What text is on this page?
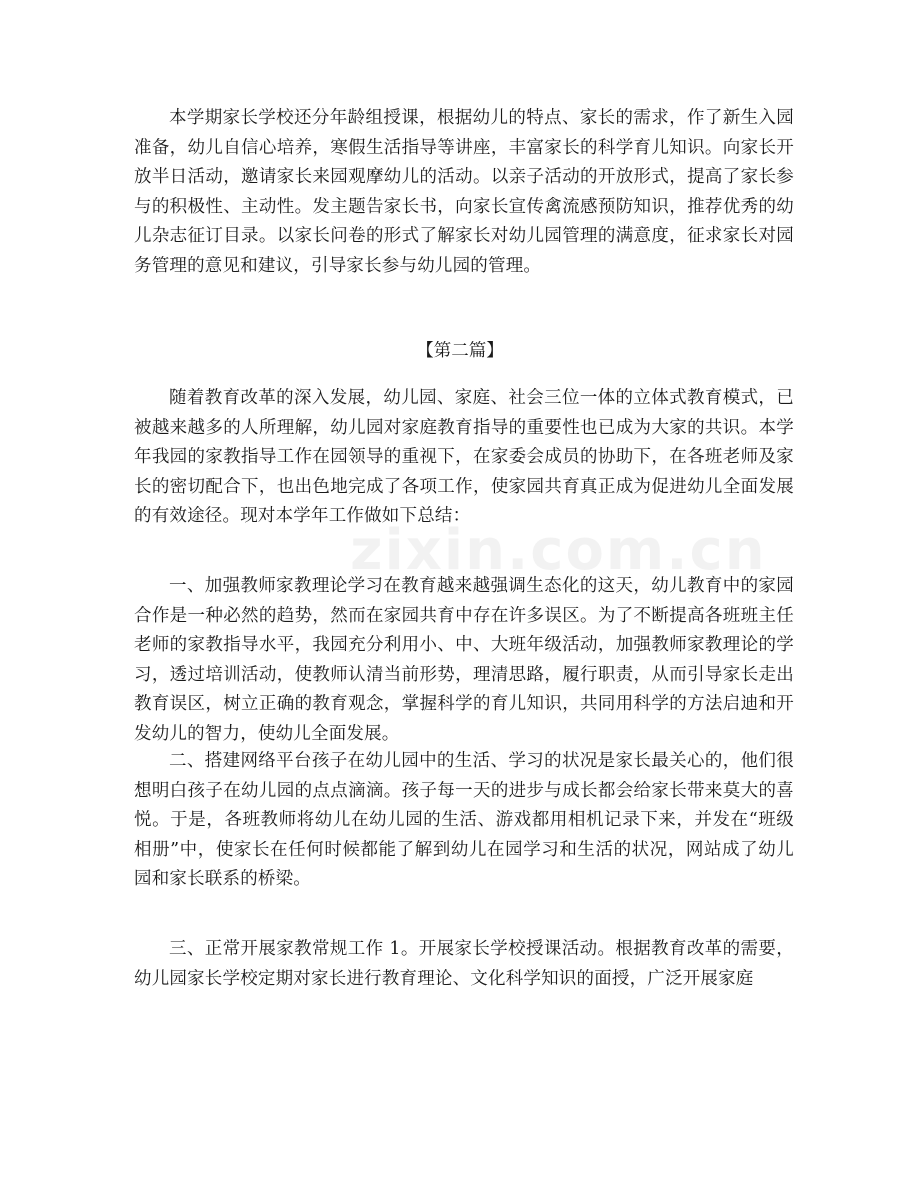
zixin.com.cn

本学期家长学校还分年龄组授课，根据幼儿的特点、家长的需求，作了新生入园准备，幼儿自信心培养，寒假生活指导等讲座，丰富家长的科学育儿知识。向家长开放半日活动，邀请家长来园观摩幼儿的活动。以亲子活动的开放形式，提高了家长参与的积极性、主动性。发主题告家长书，向家长宣传禽流感预防知识，推荐优秀的幼儿杂志征订目录。以家长问卷的形式了解家长对幼儿园管理的满意度，征求家长对园务管理的意见和建议，引导家长参与幼儿园的管理。

【第二篇】

随着教育改革的深入发展，幼儿园、家庭、社会三位一体的立体式教育模式，已被越来越多的人所理解，幼儿园对家庭教育指导的重要性也已成为大家的共识。本学年我园的家教指导工作在园领导的重视下，在家委会成员的协助下，在各班老师及家长的密切配合下，也出色地完成了各项工作，使家园共育真正成为促进幼儿全面发展的有效途径。现对本学年工作做如下总结：

一、加强教师家教理论学习在教育越来越强调生态化的这天，幼儿教育中的家园合作是一种必然的趋势，然而在家园共育中存在许多误区。为了不断提高各班班主任老师的家教指导水平，我园充分利用小、中、大班年级活动，加强教师家教理论的学习，透过培训活动，使教师认清当前形势，理清思路，履行职责，从而引导家长走出教育误区，树立正确的教育观念，掌握科学的育儿知识，共同用科学的方法启迪和开发幼儿的智力，使幼儿全面发展。

二、搭建网络平台孩子在幼儿园中的生活、学习的状况是家长最关心的，他们很想明白孩子在幼儿园的点点滴滴。孩子每一天的进步与成长都会给家长带来莫大的喜悦。于是，各班教师将幼儿在幼儿园的生活、游戏都用相机记录下来，并发在“班级相册”中，使家长在任何时候都能了解到幼儿在园学习和生活的状况，网站成了幼儿园和家长联系的桥梁。

三、正常开展家教常规工作 1。开展家长学校授课活动。根据教育改革的需要，幼儿园家长学校定期对家长进行教育理论、文化科学知识的面授，广泛开展家庭
